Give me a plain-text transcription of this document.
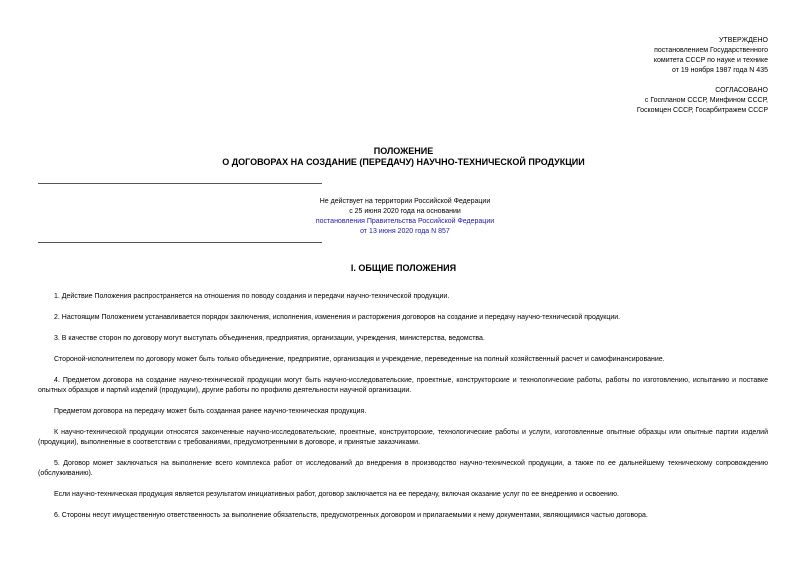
УТВЕРЖДЕНО
постановлением Государственного
комитета СССР по науке и технике
от 19 ноября 1987 года N 435
СОГЛАСОВАНО
с Госпланом СССР, Минфином СССР,
Госкомцен СССР, Госарбитражем СССР
ПОЛОЖЕНИЕ
О ДОГОВОРАХ НА СОЗДАНИЕ (ПЕРЕДАЧУ) НАУЧНО-ТЕХНИЧЕСКОЙ ПРОДУКЦИИ
Не действует на территории Российской Федерации
с 25 июня 2020 года на основании
постановления Правительства Российской Федерации
от 13 июня 2020 года N 857
I. ОБЩИЕ ПОЛОЖЕНИЯ

1. Действие Положения распространяется на отношения по поводу создания и передачи научно-технической продукции.

2. Настоящим Положением устанавливается порядок заключения, исполнения, изменения и расторжения договоров на создание и передачу научно-технической продукции.

3. В качестве сторон по договору могут выступать объединения, предприятия, организации, учреждения, министерства, ведомства.

Стороной-исполнителем по договору может быть только объединение, предприятие, организация и учреждение, переведенные на полный хозяйственный расчет и самофинансирование.

4. Предметом договора на создание научно-технической продукции могут быть научно-исследовательские, проектные, конструкторские и технологические работы, работы по изготовлению, испытанию и поставке опытных образцов и партий изделий (продукции), другие работы по профилю деятельности научной организации.

Предметом договора на передачу может быть созданная ранее научно-техническая продукция.

К научно-технической продукции относятся законченные научно-исследовательские, проектные, конструкторские, технологические работы и услуги, изготовленные опытные образцы или опытные партии изделий (продукции), выполненные в соответствии с требованиями, предусмотренными в договоре, и принятые заказчиками.

5. Договор может заключаться на выполнение всего комплекса работ от исследований до внедрения в производство научно-технической продукции, а также по ее дальнейшему техническому сопровождению (обслуживанию).

Если научно-техническая продукция является результатом инициативных работ, договор заключается на ее передачу, включая оказание услуг по ее внедрению и освоению.

6. Стороны несут имущественную ответственность за выполнение обязательств, предусмотренных договором и прилагаемыми к нему документами, являющимися частью договора.
